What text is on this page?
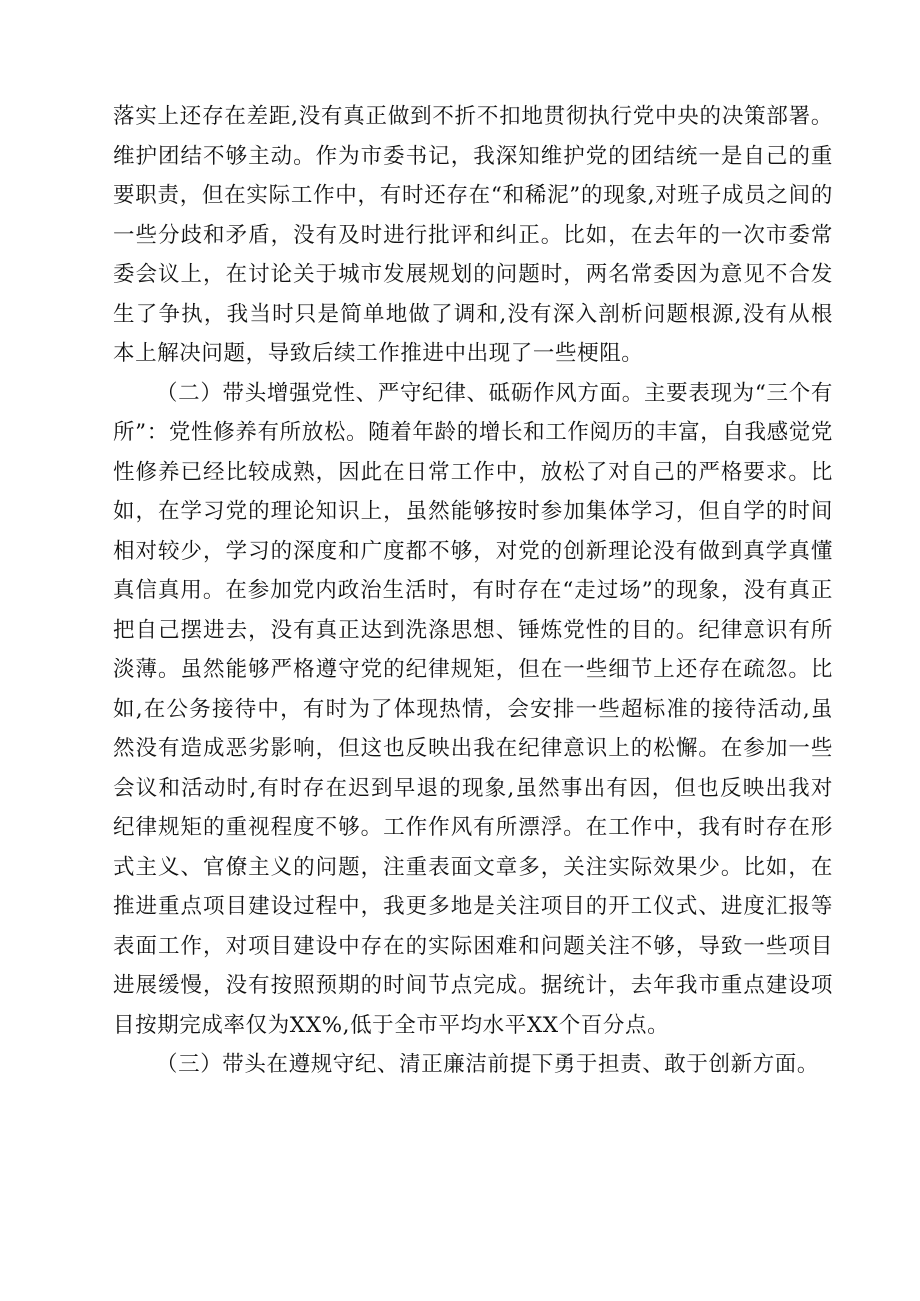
落实上还存在差距,没有真正做到不折不扣地贯彻执行党中央的决策部署。维护团结不够主动。作为市委书记，我深知维护党的团结统一是自己的重要职责，但在实际工作中，有时还存在“和稀泥”的现象,对班子成员之间的一些分歧和矛盾，没有及时进行批评和纠正。比如，在去年的一次市委常委会议上，在讨论关于城市发展规划的问题时，两名常委因为意见不合发生了争执，我当时只是简单地做了调和,没有深入剖析问题根源,没有从根本上解决问题，导致后续工作推进中出现了一些梗阻。

（二）带头增强党性、严守纪律、砥砺作风方面。主要表现为“三个有所”：党性修养有所放松。随着年龄的增长和工作阅历的丰富，自我感觉党性修养已经比较成熟，因此在日常工作中，放松了对自己的严格要求。比如，在学习党的理论知识上，虽然能够按时参加集体学习，但自学的时间相对较少，学习的深度和广度都不够，对党的创新理论没有做到真学真懂真信真用。在参加党内政治生活时，有时存在“走过场”的现象，没有真正把自己摆进去，没有真正达到洗涤思想、锤炼党性的目的。纪律意识有所淡薄。虽然能够严格遵守党的纪律规矩，但在一些细节上还存在疏忽。比如,在公务接待中，有时为了体现热情，会安排一些超标准的接待活动,虽然没有造成恶劣影响，但这也反映出我在纪律意识上的松懈。在参加一些会议和活动时,有时存在迟到早退的现象,虽然事出有因，但也反映出我对纪律规矩的重视程度不够。工作作风有所漂浮。在工作中，我有时存在形式主义、官僚主义的问题，注重表面文章多，关注实际效果少。比如，在推进重点项目建设过程中，我更多地是关注项目的开工仪式、进度汇报等表面工作，对项目建设中存在的实际困难和问题关注不够，导致一些项目进展缓慢，没有按照预期的时间节点完成。据统计，去年我市重点建设项目按期完成率仅为XX%,低于全市平均水平XX个百分点。

（三）带头在遵规守纪、清正廉洁前提下勇于担责、敢于创新方面。
